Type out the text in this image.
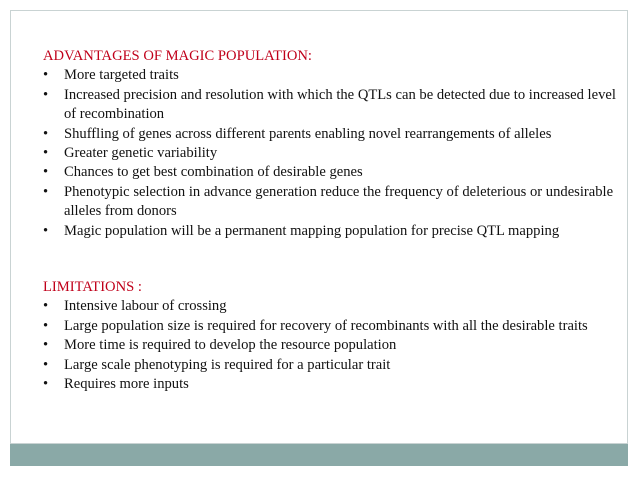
ADVANTAGES OF MAGIC POPULATION:

• More targeted traits
• Increased precision and resolution with which the QTLs can be detected due to increased level of recombination
• Shuffling of genes across different parents enabling novel rearrangements of alleles
• Greater genetic variability
• Chances to get best combination of desirable genes
• Phenotypic selection in advance generation reduce the frequency of deleterious or undesirable alleles from donors
• Magic population will be a permanent mapping population for precise QTL mapping

LIMITATIONS :

• Intensive labour of crossing
• Large population size is required for recovery of recombinants with all the desirable traits
• More time is required to develop the resource population
• Large scale phenotyping is required for a particular trait
• Requires more inputs
